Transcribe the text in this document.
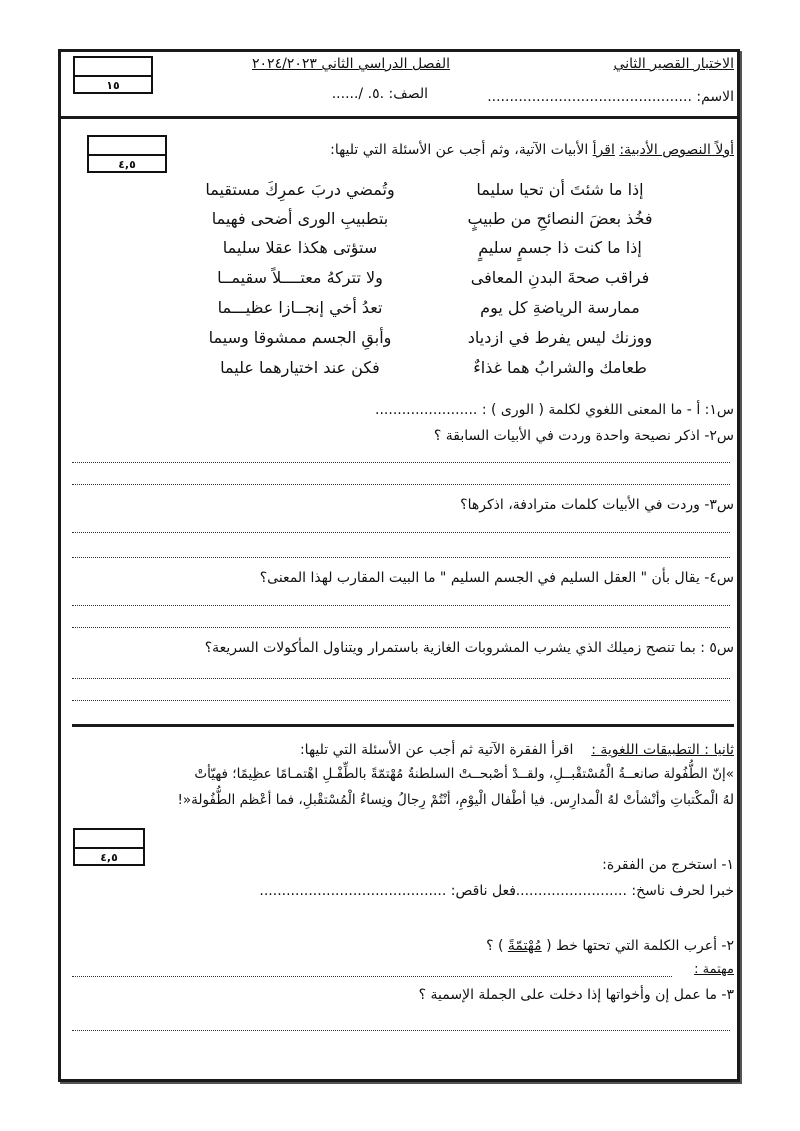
١٥
الاختبار القصير الثاني
الفصل الدراسي الثاني ٢٠٢٤/٢٠٢٣
الاسم: ..............................................
الصف: .٥. /......
٤,٥
أولاً النصوص الأدبية: اقرأ الأبيات الآتية، وثم أجب عن الأسئلة التي تليها:
إذا ما شئتَ أن تحيا سليما
وتُمضي دربَ عمرِكَ مستقيما
فخُذ بعضَ النصائحِ من طبيبٍ
بتطبيبِ الورى أضحى فهيما
إذا ما كنت ذا جسمٍ سليمٍ
ستؤتى هكذا عقلا سليما
فراقب صحةَ البدنِ المعافى
ولا تتركهُ معتــــلاً سقيمــا
ممارسة الرياضةِ كل يوم
تعدُ أخي إنجــازا عظيـــما
ووزنك ليس يفرط في ازدياد
وأبقِ الجسم ممشوقا وسيما
طعامك والشرابُ هما غذاءٌ
فكن عند اختيارهما عليما
س١: أ - ما المعنى اللغوي لكلمة ( الورى ) : .......................
س٢- اذكر نصيحة واحدة وردت في الأبيات السابقة ؟
س٣- وردت في الأبيات كلمات مترادفة، اذكرها؟
س٤- يقال بأن " العقل السليم في الجسم السليم " ما البيت المقارب لهذا المعنى؟
س٥ : بما تنصح زميلك الذي يشرب المشروبات الغازية باستمرار ويتناول المأكولات السريعة؟
ثانيا : التطبيقات اللغوية :    اقرأ الفقرة الآتية ثم أجب عن الأسئلة التي تليها:
»إنّ الطُّفُولة صانعــةُ الْمُسْتقْبــلِ، ولقــدْ أصْبحــتْ السلطنةُ مُهْتمّةً بالطِّفْـلِ اهْتمـامًا عظِيمًا؛ فهيّأتْ
لهُ الْمكْتباتِ وأنْشأتْ لهُ الْمدارِس. فيا أطْفال الْيوْمِ، أنْتُمْ رِجالُ ونِساءُ الْمُسْتقْبلِ، فما أعْظم الطُّفُولة«!
٤,٥	١- استخرج من الفقرة:
خبرا لحرف ناسخ: ..........................
فعل ناقص: ..........................................
٢- أعرب الكلمة التي تحتها خط ( مُهْتمّةً ) ؟
مهتمة :
٣- ما عمل إن وأخواتها إذا دخلت على الجملة الإسمية ؟
